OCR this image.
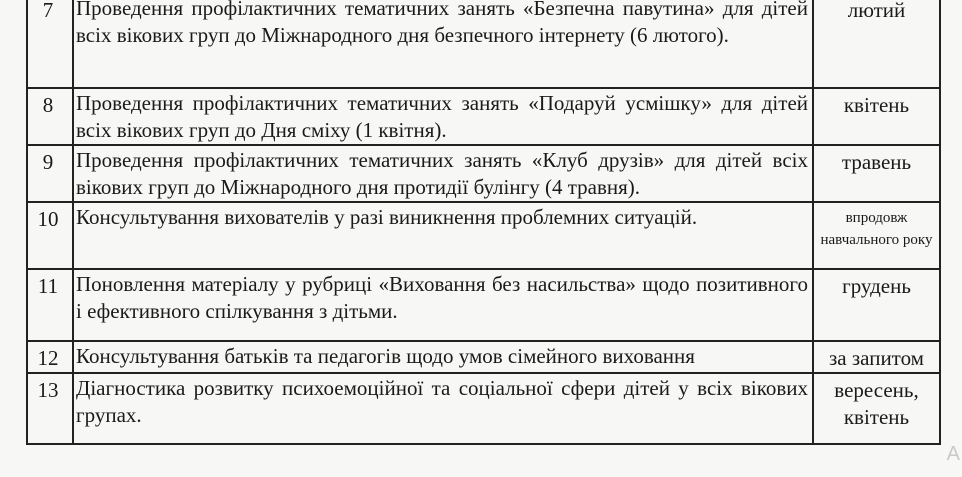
7	Проведення профілактичних тематичних занять «Безпечна павутина» для дітей всіх вікових груп до Міжнародного дня безпечного інтернету (6 лютого).	лютий
8	Проведення профілактичних тематичних занять «Подаруй усмішку» для дітей всіх вікових груп до Дня сміху (1 квітня).	квітень
9	Проведення профілактичних тематичних занять «Клуб друзів» для дітей всіх вікових груп до Міжнародного дня протидії булінгу (4 травня).	травень
10	Консультування вихователів у разі виникнення проблемних ситуацій.	впродовж навчального року
11	Поновлення матеріалу у рубриці «Виховання без насильства» щодо позитивного і ефективного спілкування з дітьми.	грудень
12	Консультування батьків та педагогів щодо умов сімейного виховання	за запитом
13	Діагностика розвитку психоемоційної та соціальної сфери дітей у всіх вікових групах.	вересень, квітень
А
